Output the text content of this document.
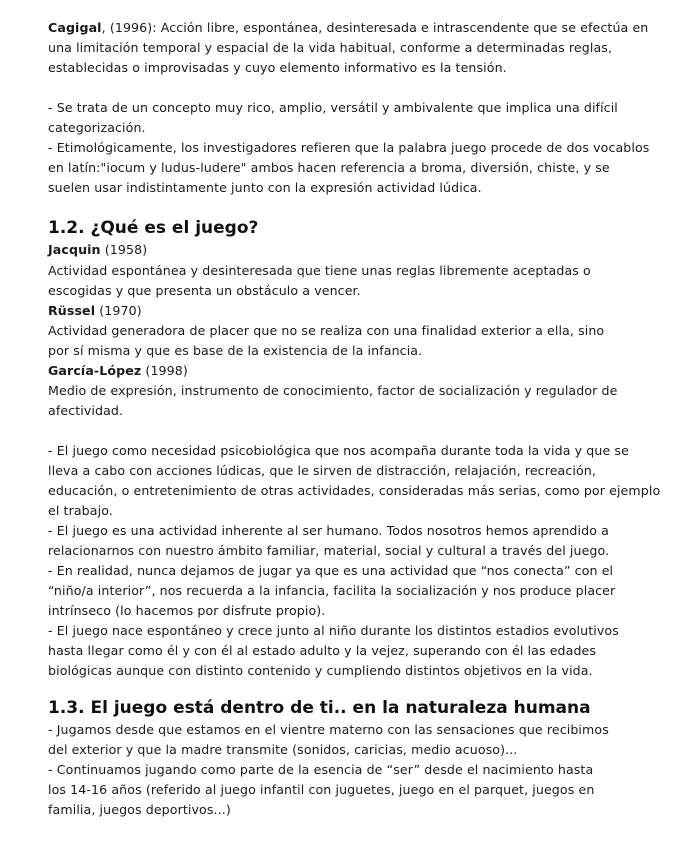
Cagigal, (1996): Acción libre, espontánea, desinteresada e intrascendente que se efectúa en
una limitación temporal y espacial de la vida habitual, conforme a determinadas reglas,
establecidas o improvisadas y cuyo elemento informativo es la tensión.
- Se trata de un concepto muy rico, amplio, versátil y ambivalente que implica una difícil
categorización.
- Etimológicamente, los investigadores refieren que la palabra juego procede de dos vocablos
en latín:"iocum y ludus-ludere" ambos hacen referencia a broma, diversión, chiste, y se
suelen usar indistintamente junto con la expresión actividad lúdica.
1.2. ¿Qué es el juego?
Jacquin (1958)
Actividad espontánea y desinteresada que tiene unas reglas libremente aceptadas o
escogidas y que presenta un obstáculo a vencer.
Rüssel (1970)
Actividad generadora de placer que no se realiza con una finalidad exterior a ella, sino
por sí misma y que es base de la existencia de la infancia.
García-López (1998)
Medio de expresión, instrumento de conocimiento, factor de socialización y regulador de
afectividad.
- El juego como necesidad psicobiológica que nos acompaña durante toda la vida y que se
lleva a cabo con acciones lúdicas, que le sirven de distracción, relajación, recreación,
educación, o entretenimiento de otras actividades, consideradas más serias, como por ejemplo
el trabajo.
- El juego es una actividad inherente al ser humano. Todos nosotros hemos aprendido a
relacionarnos con nuestro ámbito familiar, material, social y cultural a través del juego.
- En realidad, nunca dejamos de jugar ya que es una actividad que “nos conecta” con el
“niño/a interior”, nos recuerda a la infancia, facilita la socialización y nos produce placer
intrínseco (lo hacemos por disfrute propio).
- El juego nace espontáneo y crece junto al niño durante los distintos estadios evolutivos
hasta llegar como él y con él al estado adulto y la vejez, superando con él las edades
biológicas aunque con distinto contenido y cumpliendo distintos objetivos en la vida.
1.3. El juego está dentro de ti.. en la naturaleza humana
- Jugamos desde que estamos en el vientre materno con las sensaciones que recibimos
del exterior y que la madre transmite (sonidos, caricias, medio acuoso)...
- Continuamos jugando como parte de la esencia de “ser” desde el nacimiento hasta
los 14-16 años (referido al juego infantil con juguetes, juego en el parquet, juegos en
familia, juegos deportivos...)
